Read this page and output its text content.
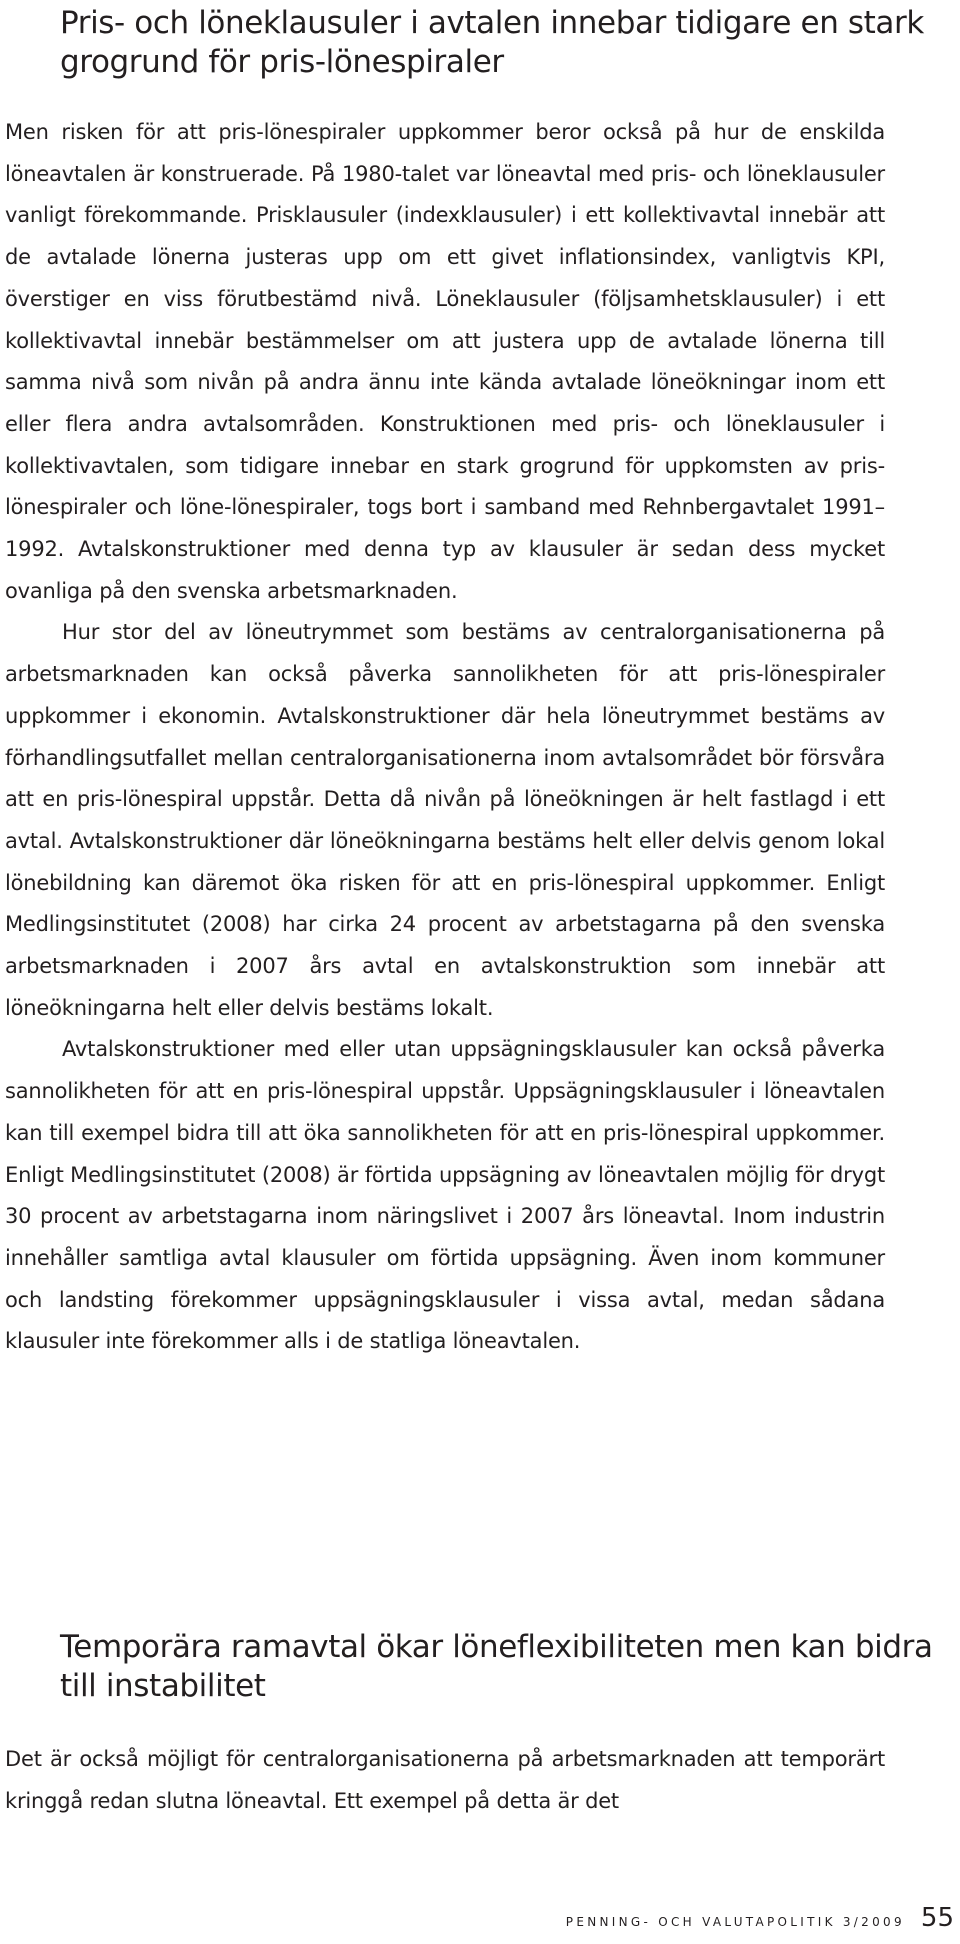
Pris- och löneklausuler i avtalen innebar tidigare en stark grogrund för pris-lönespiraler

Men risken för att pris-lönespiraler uppkommer beror också på hur de enskilda löneavtalen är konstruerade. På 1980-talet var löneavtal med pris- och löneklausuler vanligt förekommande. Prisklausuler (indexklausuler) i ett kollektivavtal innebär att de avtalade lönerna justeras upp om ett givet inflationsindex, vanligtvis KPI, överstiger en viss förutbestämd nivå. Löneklausuler (följsamhetsklausuler) i ett kollektivavtal innebär bestämmelser om att justera upp de avtalade lönerna till samma nivå som nivån på andra ännu inte kända avtalade löneökningar inom ett eller flera andra avtalsområden. Konstruktionen med pris- och löneklausuler i kollektivavtalen, som tidigare innebar en stark grogrund för uppkomsten av pris-lönespiraler och löne-lönespiraler, togs bort i samband med Rehnbergavtalet 1991–1992. Avtalskonstruktioner med denna typ av klausuler är sedan dess mycket ovanliga på den svenska arbetsmarknaden.

Hur stor del av löneutrymmet som bestäms av centralorganisationerna på arbetsmarknaden kan också påverka sannolikheten för att pris-lönespiraler uppkommer i ekonomin. Avtalskonstruktioner där hela löneutrymmet bestäms av förhandlingsutfallet mellan centralorganisationerna inom avtalsområdet bör försvåra att en pris-lönespiral uppstår. Detta då nivån på löneökningen är helt fastlagd i ett avtal. Avtalskonstruktioner där löneökningarna bestäms helt eller delvis genom lokal lönebildning kan däremot öka risken för att en pris-lönespiral uppkommer. Enligt Medlingsinstitutet (2008) har cirka 24 procent av arbetstagarna på den svenska arbetsmarknaden i 2007 års avtal en avtalskonstruktion som innebär att löneökningarna helt eller delvis bestäms lokalt.

Avtalskonstruktioner med eller utan uppsägningsklausuler kan också påverka sannolikheten för att en pris-lönespiral uppstår. Uppsägningsklausuler i löneavtalen kan till exempel bidra till att öka sannolikheten för att en pris-lönespiral uppkommer. Enligt Medlingsinstitutet (2008) är förtida uppsägning av löneavtalen möjlig för drygt 30 procent av arbetstagarna inom näringslivet i 2007 års löneavtal. Inom industrin innehåller samtliga avtal klausuler om förtida uppsägning. Även inom kommuner och landsting förekommer uppsägningsklausuler i vissa avtal, medan sådana klausuler inte förekommer alls i de statliga löneavtalen.

Temporära ramavtal ökar löneflexibiliteten men kan bidra till instabilitet

Det är också möjligt för centralorganisationerna på arbetsmarknaden att temporärt kringgå redan slutna löneavtal. Ett exempel på detta är det

PENNING- OCH VALUTAPOLITIK 3/2009 55
